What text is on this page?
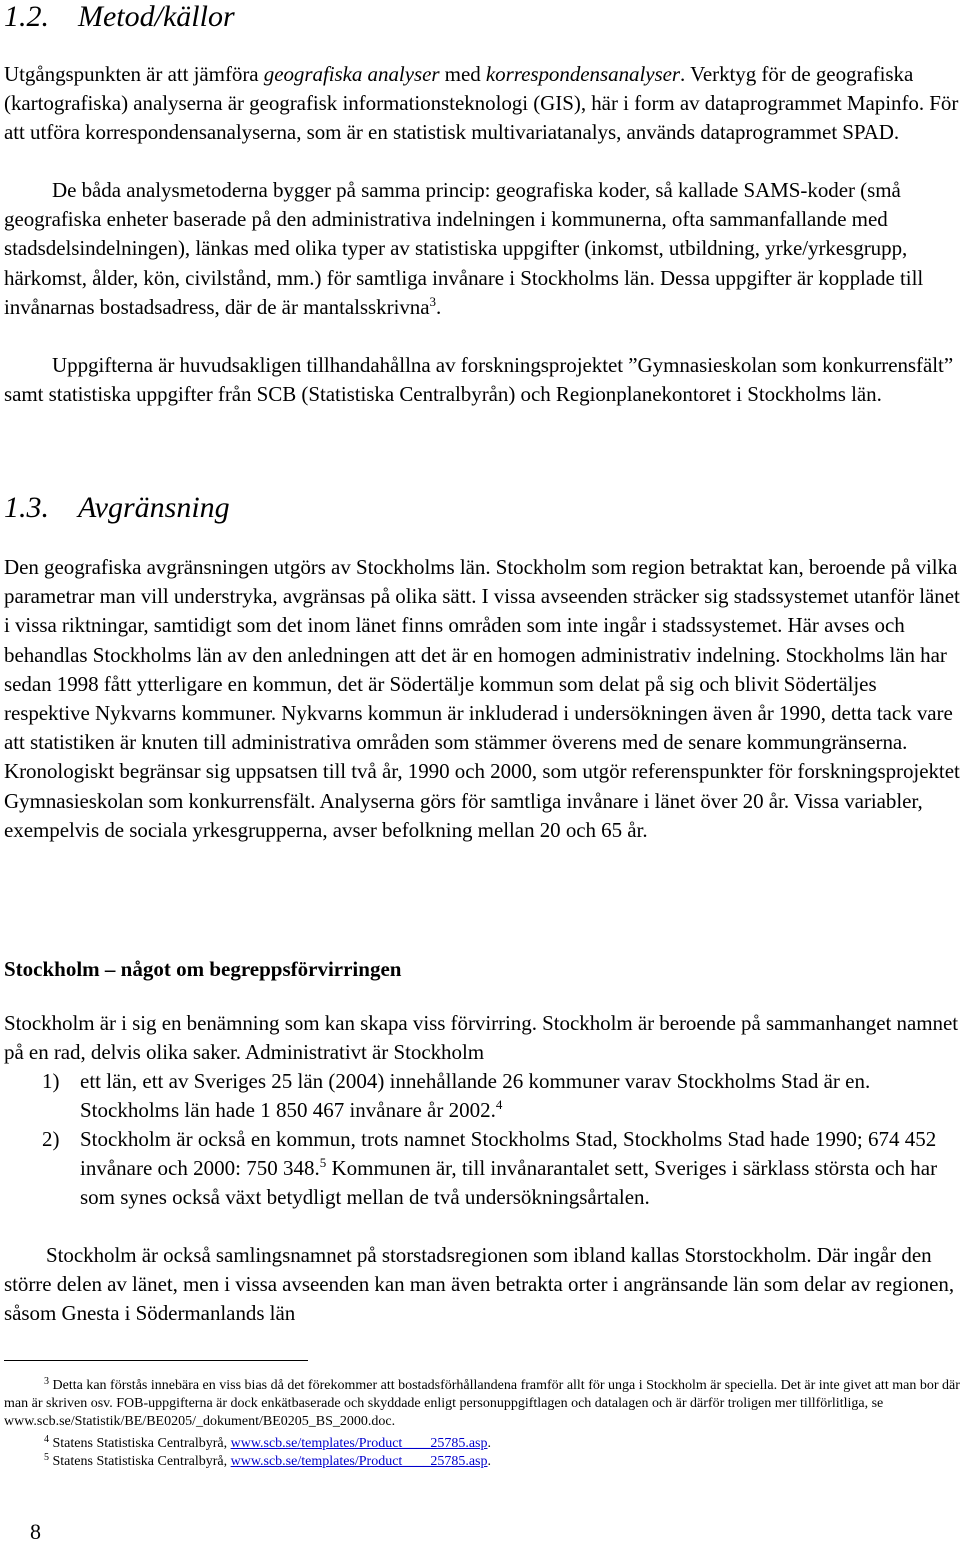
1.2. Metod/källor

Utgångspunkten är att jämföra geografiska analyser med korrespondensanalyser. Verktyg för de geografiska (kartografiska) analyserna är geografisk informationsteknologi (GIS), här i form av dataprogrammet Mapinfo. För att utföra korrespondensanalyserna, som är en statistisk multivariatanalys, används dataprogrammet SPAD.

De båda analysmetoderna bygger på samma princip: geografiska koder, så kallade SAMS-koder (små geografiska enheter baserade på den administrativa indelningen i kommunerna, ofta sammanfallande med stadsdelsindelningen), länkas med olika typer av statistiska uppgifter (inkomst, utbildning, yrke/yrkesgrupp, härkomst, ålder, kön, civilstånd, mm.) för samtliga invånare i Stockholms län. Dessa uppgifter är kopplade till invånarnas bostadsadress, där de är mantalsskrivna$^3$.

Uppgifterna är huvudsakligen tillhandahållna av forskningsprojektet ”Gymnasieskolan som konkurrensfält” samt statistiska uppgifter från SCB (Statistiska Centralbyrån) och Regionplanekontoret i Stockholms län.

1.3. Avgränsning

Den geografiska avgränsningen utgörs av Stockholms län. Stockholm som region betraktat kan, beroende på vilka parametrar man vill understryka, avgränsas på olika sätt. I vissa avseenden sträcker sig stadssystemet utanför länet i vissa riktningar, samtidigt som det inom länet finns områden som inte ingår i stadssystemet. Här avses och behandlas Stockholms län av den anledningen att det är en homogen administrativ indelning. Stockholms län har sedan 1998 fått ytterligare en kommun, det är Södertälje kommun som delat på sig och blivit Södertäljes respektive Nykvarns kommuner. Nykvarns kommun är inkluderad i undersökningen även år 1990, detta tack vare att statistiken är knuten till administrativa områden som stämmer överens med de senare kommungränserna. Kronologiskt begränsar sig uppsatsen till två år, 1990 och 2000, som utgör referenspunkter för forskningsprojektet Gymnasieskolan som konkurrensfält. Analyserna görs för samtliga invånare i länet över 20 år. Vissa variabler, exempelvis de sociala yrkesgrupperna, avser befolkning mellan 20 och 65 år.

Stockholm – något om begreppsförvirringen

Stockholm är i sig en benämning som kan skapa viss förvirring. Stockholm är beroende på sammanhanget namnet på en rad, delvis olika saker. Administrativt är Stockholm

1) ett län, ett av Sveriges 25 län (2004) innehållande 26 kommuner varav Stockholms Stad är en. Stockholms län hade 1 850 467 invånare år 2002.$^4$
2) Stockholm är också en kommun, trots namnet Stockholms Stad, Stockholms Stad hade 1990; 674 452 invånare och 2000: 750 348.$^5$ Kommunen är, till invånarantalet sett, Sveriges i särklass största och har som synes också växt betydligt mellan de två undersökningsårtalen.

Stockholm är också samlingsnamnet på storstadsregionen som ibland kallas Storstockholm. Där ingår den större delen av länet, men i vissa avseenden kan man även betrakta orter i angränsande län som delar av regionen, såsom Gnesta i Södermanlands län

$^3$ Detta kan förstås innebära en viss bias då det förekommer att bostadsförhållandena framför allt för unga i Stockholm är speciella. Det är inte givet att man bor där man är skriven osv. FOB-uppgifterna är dock enkätbaserade och skyddade enligt personuppgiftlagen och datalagen och är därför troligen mer tillförlitliga, se www.scb.se/Statistik/BE/BE0205/_dokument/BE0205_BS_2000.doc.

$^4$ Statens Statistiska Centralbyrå, www.scb.se/templates/Product____25785.asp.

$^5$ Statens Statistiska Centralbyrå, www.scb.se/templates/Product____25785.asp.

8
